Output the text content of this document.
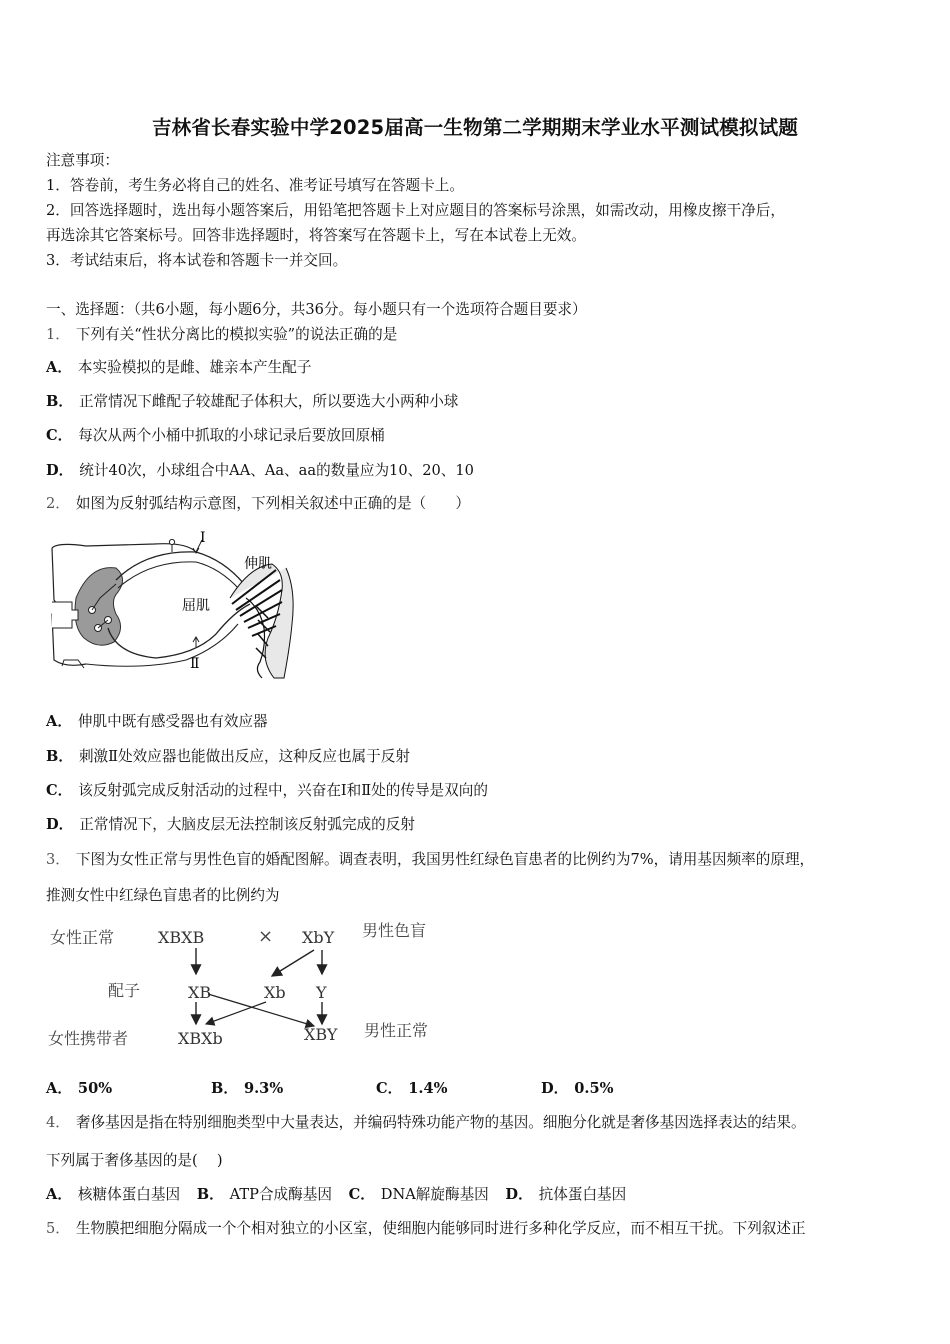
吉林省长春实验中学2025届高一生物第二学期期末学业水平测试模拟试题
注意事项：
1．答卷前，考生务必将自己的姓名、准考证号填写在答题卡上。
2．回答选择题时，选出每小题答案后，用铅笔把答题卡上对应题目的答案标号涂黑，如需改动，用橡皮擦干净后，
再选涂其它答案标号。回答非选择题时，将答案写在答题卡上，写在本试卷上无效。
3．考试结束后，将本试卷和答题卡一并交回。
一、选择题：（共6小题，每小题6分，共36分。每小题只有一个选项符合题目要求）
1． 下列有关“性状分离比的模拟实验”的说法正确的是
A． 本实验模拟的是雌、雄亲本产生配子
B． 正常情况下雌配子较雄配子体积大，所以要选大小两种小球
C． 每次从两个小桶中抓取的小球记录后要放回原桶
D． 统计40次，小球组合中AA、Aa、aa的数量应为10、20、10
2． 如图为反射弧结构示意图，下列相关叙述中正确的是（　　）
Ⅰ
Ⅱ
伸肌
屈肌
A． 伸肌中既有感受器也有效应器
B． 刺激Ⅱ处效应器也能做出反应，这种反应也属于反射
C． 该反射弧完成反射活动的过程中，兴奋在Ⅰ和Ⅱ处的传导是双向的
D． 正常情况下，大脑皮层无法控制该反射弧完成的反射
3． 下图为女性正常与男性色盲的婚配图解。调查表明，我国男性红绿色盲患者的比例约为7%，请用基因频率的原理，
推测女性中红绿色盲患者的比例约为
女性正常	XBXB	× XbY 男性色盲
配子	XB	Xb Y
女性携带者	XBXb	XBY 男性正常
A． 50%	B． 9.3%	C． 1.4%	D． 0.5%
4． 奢侈基因是指在特别细胞类型中大量表达，并编码特殊功能产物的基因。细胞分化就是奢侈基因选择表达的结果。
下列属于奢侈基因的是(　 )
A． 核糖体蛋白基因 B． ATP合成酶基因 C． DNA解旋酶基因 D． 抗体蛋白基因
5． 生物膜把细胞分隔成一个个相对独立的小区室，使细胞内能够同时进行多种化学反应，而不相互干扰。下列叙述正
